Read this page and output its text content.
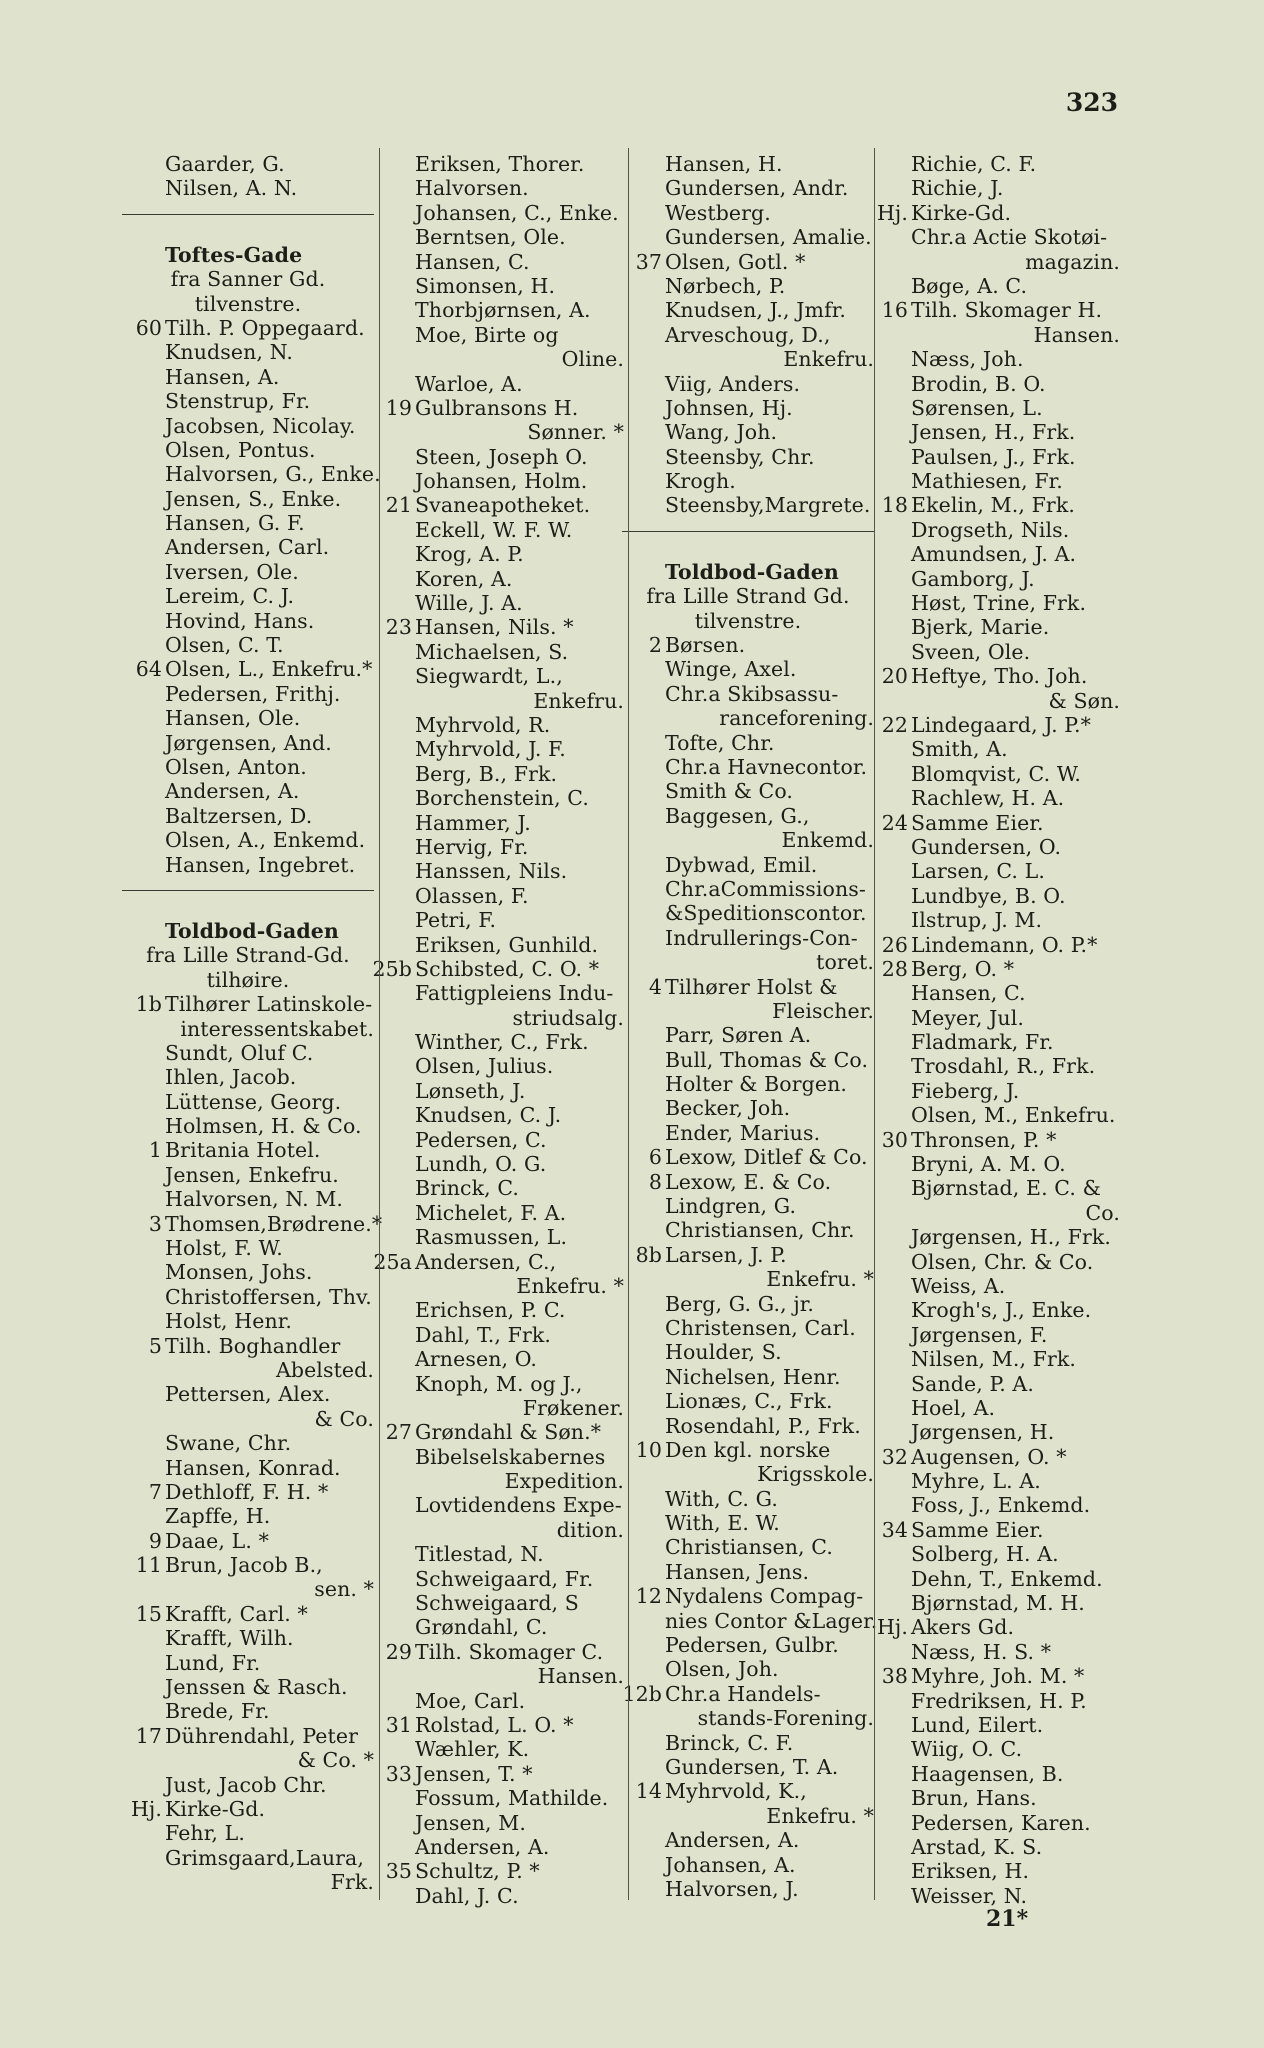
323
Gaarder, G.
Nilsen, A. N.
Toftes-Gade
fra Sanner Gd.
tilvenstre.
60 Tilh. P. Oppegaard.
Knudsen, N.
Hansen, A.
Stenstrup, Fr.
Jacobsen, Nicolay.
Olsen, Pontus.
Halvorsen, G., Enke.
Jensen, S., Enke.
Hansen, G. F.
Andersen, Carl.
Iversen, Ole.
Lereim, C. J.
Hovind, Hans.
Olsen, C. T.
64 Olsen, L., Enkefru.*
Pedersen, Frithj.
Hansen, Ole.
Jørgensen, And.
Olsen, Anton.
Andersen, A.
Baltzersen, D.
Olsen, A., Enkemd.
Hansen, Ingebret.
Toldbod-Gaden
fra Lille Strand-Gd.
tilhøire.
1b Tilhører Latinskole-
interessentskabet.
Sundt, Oluf C.
Ihlen, Jacob.
Lüttense, Georg.
Holmsen, H. & Co.
1 Britania Hotel.
Jensen, Enkefru.
Halvorsen, N. M.
3 Thomsen,Brødrene.*
Holst, F. W.
Monsen, Johs.
Christoffersen, Thv.
Holst, Henr.
5 Tilh. Boghandler
Abelsted.
Pettersen, Alex.
& Co.
Swane, Chr.
Hansen, Konrad.
7 Dethloff, F. H. *
Zapffe, H.
9 Daae, L. *
11 Brun, Jacob B.,
sen. *
15 Krafft, Carl. *
Krafft, Wilh.
Lund, Fr.
Jenssen & Rasch.
Brede, Fr.
17 Dührendahl, Peter
& Co. *
Just, Jacob Chr.
Hj. Kirke-Gd.
Fehr, L.
Grimsgaard,Laura,
Frk.
Eriksen, Thorer.
Halvorsen.
Johansen, C., Enke.
Berntsen, Ole.
Hansen, C.
Simonsen, H.
Thorbjørnsen, A.
Moe, Birte og
Oline.
Warloe, A.
19 Gulbransons H.
Sønner. *
Steen, Joseph O.
Johansen, Holm.
21 Svaneapotheket.
Eckell, W. F. W.
Krog, A. P.
Koren, A.
Wille, J. A.
23 Hansen, Nils. *
Michaelsen, S.
Siegwardt, L.,
Enkefru.
Myhrvold, R.
Myhrvold, J. F.
Berg, B., Frk.
Borchenstein, C.
Hammer, J.
Hervig, Fr.
Hanssen, Nils.
Olassen, F.
Petri, F.
Eriksen, Gunhild.
25b Schibsted, C. O. *
Fattigpleiens Indu-
striudsalg.
Winther, C., Frk.
Olsen, Julius.
Lønseth, J.
Knudsen, C. J.
Pedersen, C.
Lundh, O. G.
Brinck, C.
Michelet, F. A.
Rasmussen, L.
25a Andersen, C.,
Enkefru. *
Erichsen, P. C.
Dahl, T., Frk.
Arnesen, O.
Knoph, M. og J.,
Frøkener.
27 Grøndahl & Søn.*
Bibelselskabernes
Expedition.
Lovtidendens Expe-
dition.
Titlestad, N.
Schweigaard, Fr.
Schweigaard, S
Grøndahl, C.
29 Tilh. Skomager C.
Hansen.
Moe, Carl.
31 Rolstad, L. O. *
Wæhler, K.
33 Jensen, T. *
Fossum, Mathilde.
Jensen, M.
Andersen, A.
35 Schultz, P. *
Dahl, J. C.
Hansen, H.
Gundersen, Andr.
Westberg.
Gundersen, Amalie.
37 Olsen, Gotl. *
Nørbech, P.
Knudsen, J., Jmfr.
Arveschoug, D.,
Enkefru.
Viig, Anders.
Johnsen, Hj.
Wang, Joh.
Steensby, Chr.
Krogh.
Steensby,Margrete.
Toldbod-Gaden
fra Lille Strand Gd.
tilvenstre.
2 Børsen.
Winge, Axel.
Chr.a Skibsassu-
ranceforening.
Tofte, Chr.
Chr.a Havnecontor.
Smith & Co.
Baggesen, G.,
Enkemd.
Dybwad, Emil.
Chr.aCommissions-
&Speditionscontor.
Indrullerings-Con-
toret.
4 Tilhører Holst &
Fleischer.
Parr, Søren A.
Bull, Thomas & Co.
Holter & Borgen.
Becker, Joh.
Ender, Marius.
6 Lexow, Ditlef & Co.
8 Lexow, E. & Co.
Lindgren, G.
Christiansen, Chr.
8b Larsen, J. P.
Enkefru. *
Berg, G. G., jr.
Christensen, Carl.
Houlder, S.
Nichelsen, Henr.
Lionæs, C., Frk.
Rosendahl, P., Frk.
10 Den kgl. norske
Krigsskole.
With, C. G.
With, E. W.
Christiansen, C.
Hansen, Jens.
12 Nydalens Compag-
nies Contor &Lager.
Pedersen, Gulbr.
Olsen, Joh.
12b Chr.a Handels-
stands-Forening.
Brinck, C. F.
Gundersen, T. A.
14 Myhrvold, K.,
Enkefru. *
Andersen, A.
Johansen, A.
Halvorsen, J.
Richie, C. F.
Richie, J.
Hj. Kirke-Gd.
Chr.a Actie Skotøi-
magazin.
Bøge, A. C.
16 Tilh. Skomager H.
Hansen.
Næss, Joh.
Brodin, B. O.
Sørensen, L.
Jensen, H., Frk.
Paulsen, J., Frk.
Mathiesen, Fr.
18 Ekelin, M., Frk.
Drogseth, Nils.
Amundsen, J. A.
Gamborg, J.
Høst, Trine, Frk.
Bjerk, Marie.
Sveen, Ole.
20 Heftye, Tho. Joh.
& Søn.
22 Lindegaard, J. P.*
Smith, A.
Blomqvist, C. W.
Rachlew, H. A.
24 Samme Eier.
Gundersen, O.
Larsen, C. L.
Lundbye, B. O.
Ilstrup, J. M.
26 Lindemann, O. P.*
28 Berg, O. *
Hansen, C.
Meyer, Jul.
Fladmark, Fr.
Trosdahl, R., Frk.
Fieberg, J.
Olsen, M., Enkefru.
30 Thronsen, P. *
Bryni, A. M. O.
Bjørnstad, E. C. &
Co.
Jørgensen, H., Frk.
Olsen, Chr. & Co.
Weiss, A.
Krogh's, J., Enke.
Jørgensen, F.
Nilsen, M., Frk.
Sande, P. A.
Hoel, A.
Jørgensen, H.
32 Augensen, O. *
Myhre, L. A.
Foss, J., Enkemd.
34 Samme Eier.
Solberg, H. A.
Dehn, T., Enkemd.
Bjørnstad, M. H.
Hj. Akers Gd.
Næss, H. S. *
38 Myhre, Joh. M. *
Fredriksen, H. P.
Lund, Eilert.
Wiig, O. C.
Haagensen, B.
Brun, Hans.
Pedersen, Karen.
Arstad, K. S.
Eriksen, H.
Weisser, N.
21*
